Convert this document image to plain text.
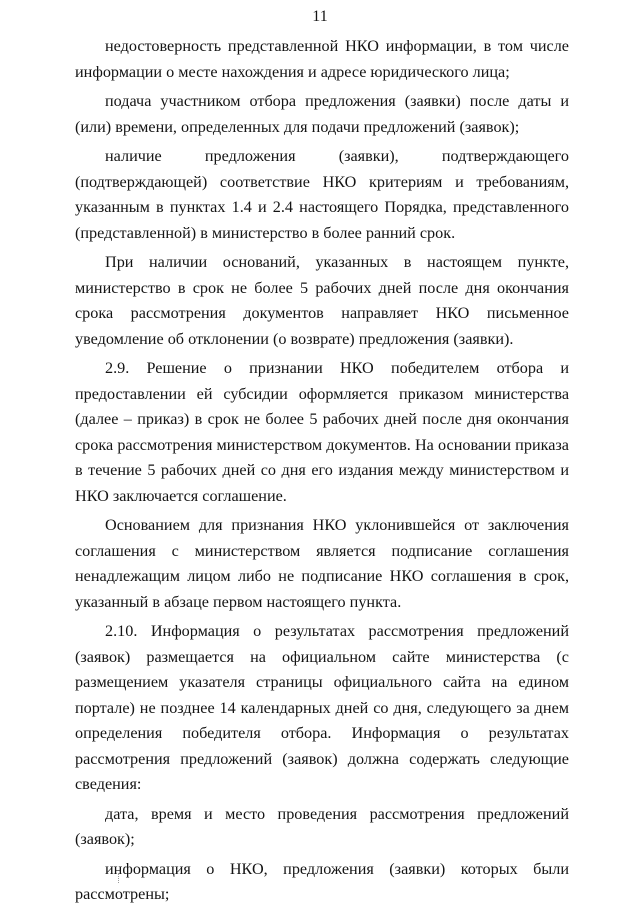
11

недостоверность представленной НКО информации, в том числе информации о месте нахождения и адресе юридического лица;

подача участником отбора предложения (заявки) после даты и (или) времени, определенных для подачи предложений (заявок);

наличие предложения (заявки), подтверждающего (подтверждающей) соответствие НКО критериям и требованиям, указанным в пунктах 1.4 и 2.4 настоящего Порядка, представленного (представленной) в министерство в более ранний срок.

При наличии оснований, указанных в настоящем пункте, министерство в срок не более 5 рабочих дней после дня окончания срока рассмотрения документов направляет НКО письменное уведомление об отклонении (о возврате) предложения (заявки).

2.9. Решение о признании НКО победителем отбора и предоставлении ей субсидии оформляется приказом министерства (далее – приказ) в срок не более 5 рабочих дней после дня окончания срока рассмотрения министерством документов. На основании приказа в течение 5 рабочих дней со дня его издания между министерством и НКО заключается соглашение.

Основанием для признания НКО уклонившейся от заключения соглашения с министерством является подписание соглашения ненадлежащим лицом либо не подписание НКО соглашения в срок, указанный в абзаце первом настоящего пункта.

2.10. Информация о результатах рассмотрения предложений (заявок) размещается на официальном сайте министерства (с размещением указателя страницы официального сайта на едином портале) не позднее 14 календарных дней со дня, следующего за днем определения победителя отбора. Информация о результатах рассмотрения предложений (заявок) должна содержать следующие сведения:

дата, время и место проведения рассмотрения предложений (заявок);

информация о НКО, предложения (заявки) которых были рассмотрены;
